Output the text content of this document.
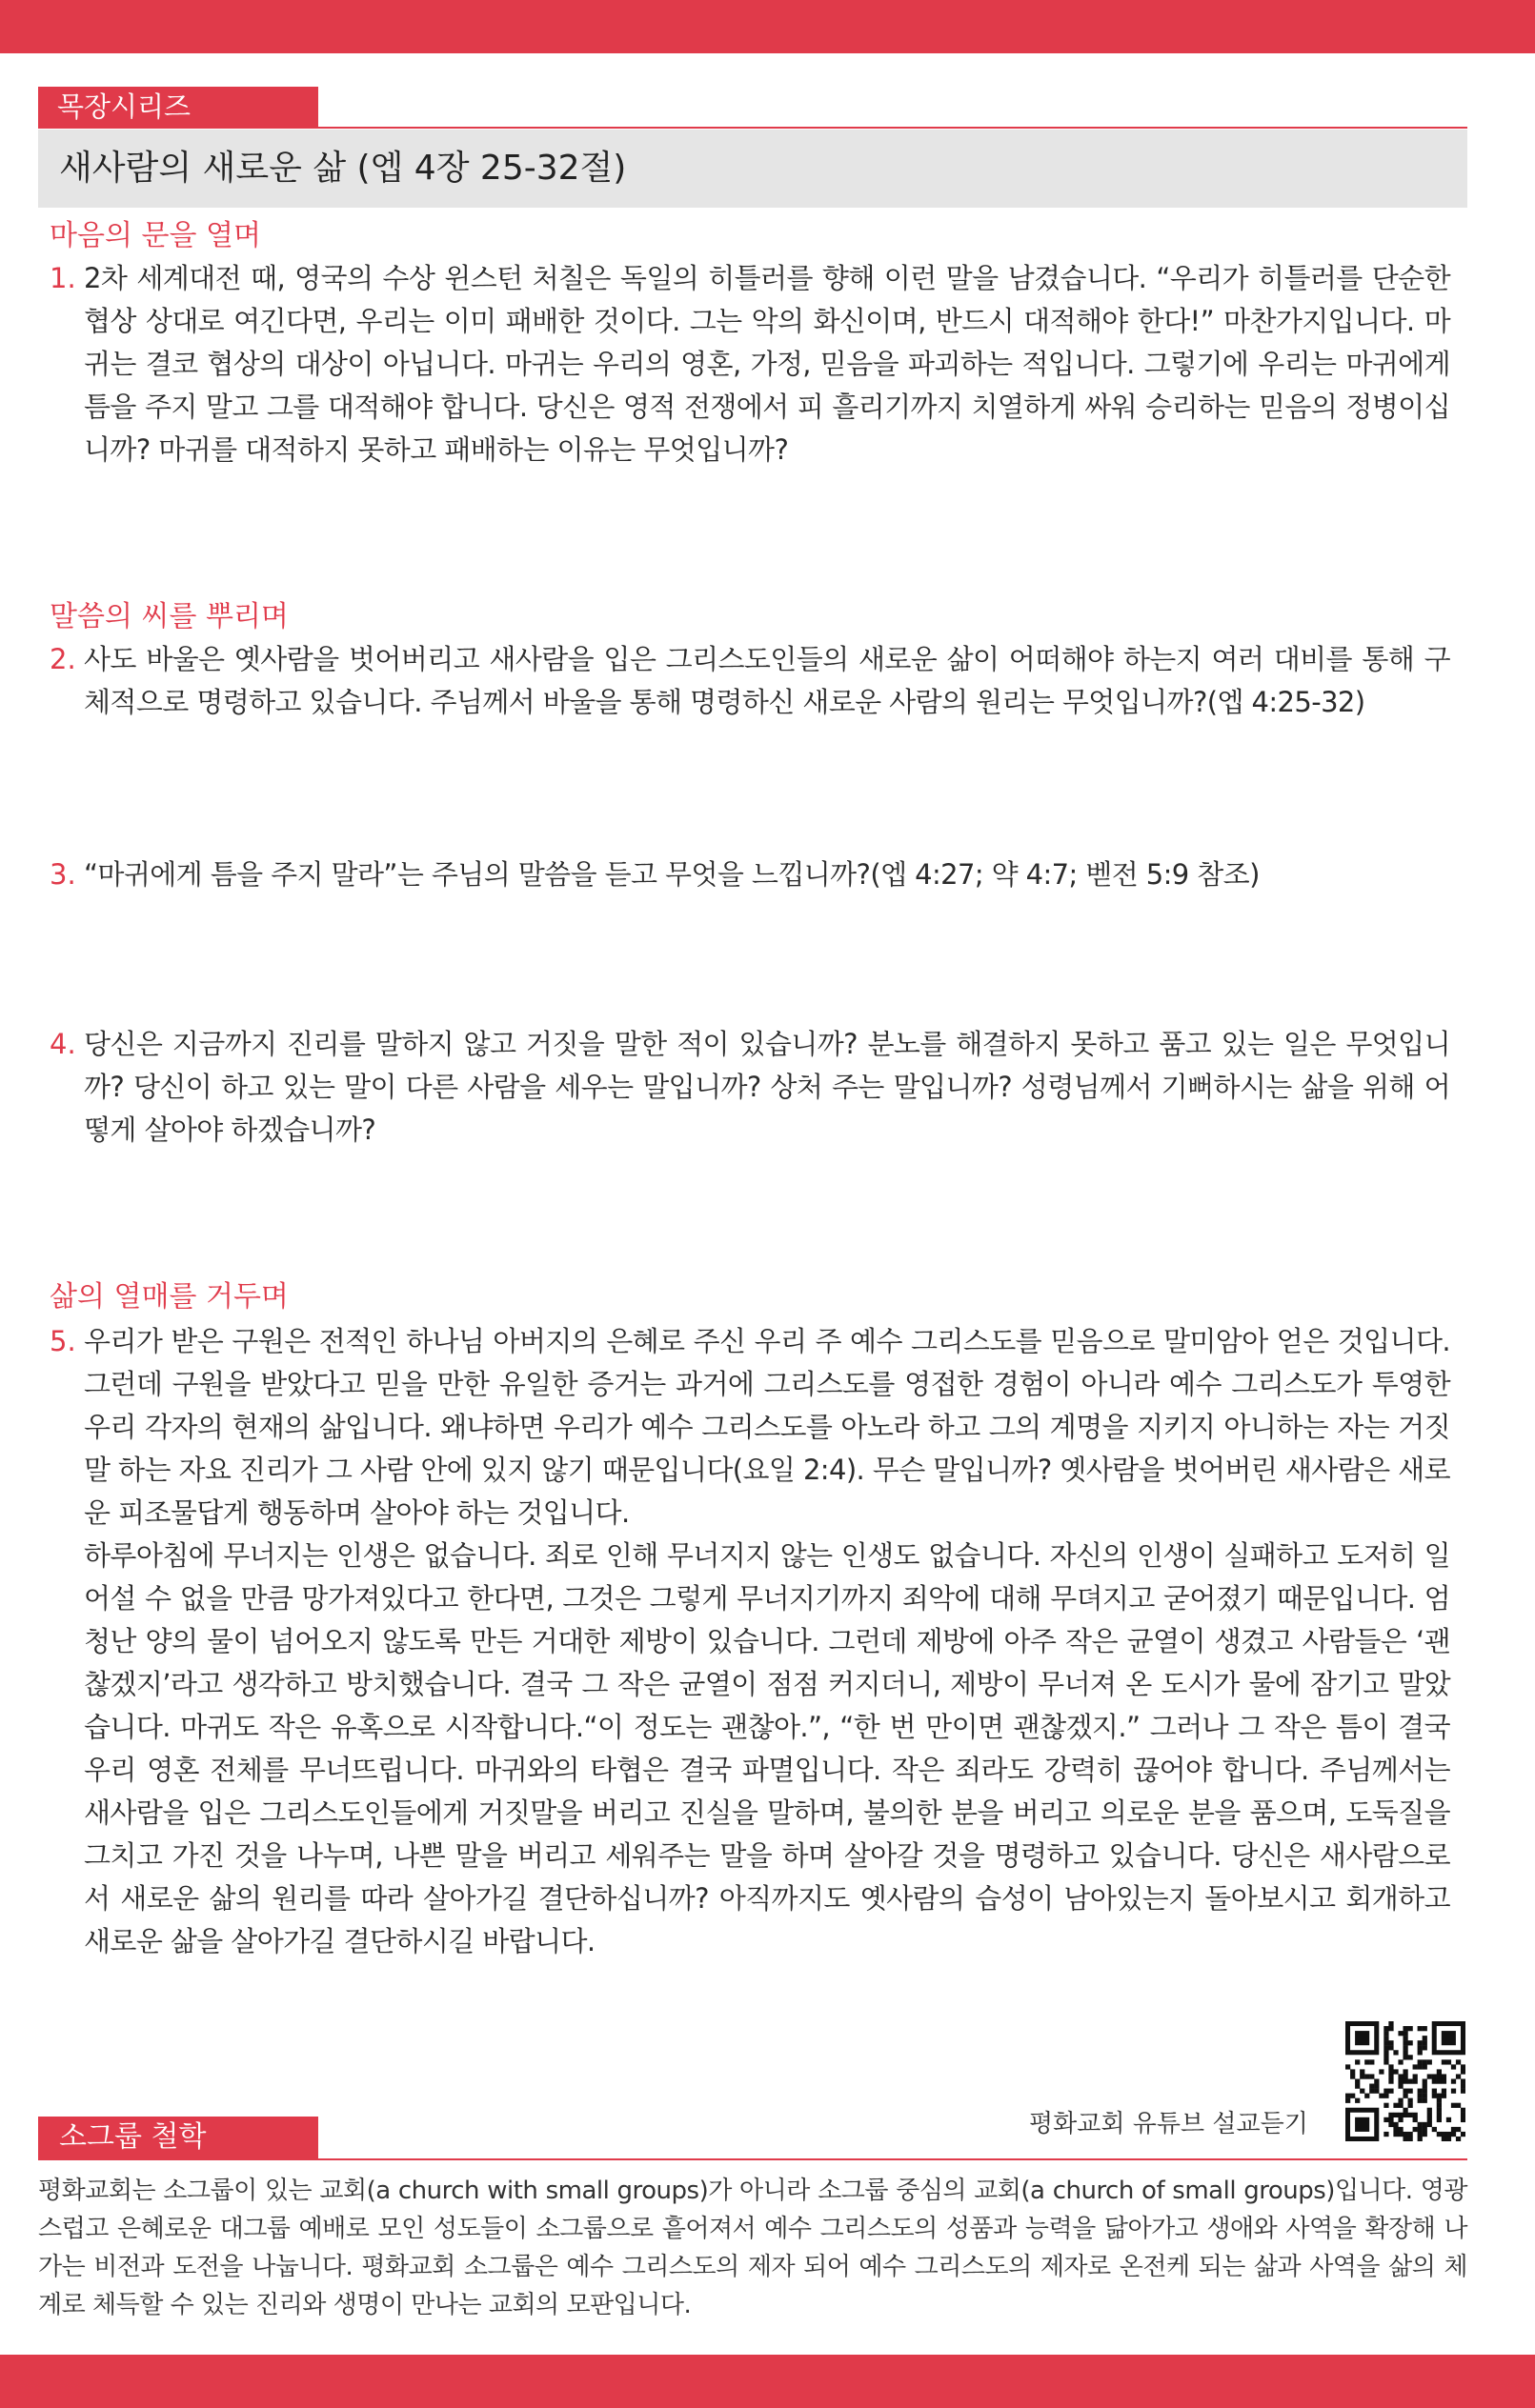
목장시리즈
새사람의 새로운 삶 (엡 4장 25-32절)
마음의 문을 열며
1. 2차 세계대전 때, 영국의 수상 윈스턴 처칠은 독일의 히틀러를 향해 이런 말을 남겼습니다. “우리가 히틀러를 단순한 협상 상대로 여긴다면, 우리는 이미 패배한 것이다. 그는 악의 화신이며, 반드시 대적해야 한다!” 마찬가지입니다. 마귀는 결코 협상의 대상이 아닙니다. 마귀는 우리의 영혼, 가정, 믿음을 파괴하는 적입니다. 그렇기에 우리는 마귀에게 틈을 주지 말고 그를 대적해야 합니다. 당신은 영적 전쟁에서 피 흘리기까지 치열하게 싸워 승리하는 믿음의 정병이십니까? 마귀를 대적하지 못하고 패배하는 이유는 무엇입니까?

말씀의 씨를 뿌리며
2. 사도 바울은 옛사람을 벗어버리고 새사람을 입은 그리스도인들의 새로운 삶이 어떠해야 하는지 여러 대비를 통해 구체적으로 명령하고 있습니다. 주님께서 바울을 통해 명령하신 새로운 사람의 원리는 무엇입니까?(엡 4:25-32)

3. “마귀에게 틈을 주지 말라”는 주님의 말씀을 듣고 무엇을 느낍니까?(엡 4:27; 약 4:7; 벧전 5:9 참조)

4. 당신은 지금까지 진리를 말하지 않고 거짓을 말한 적이 있습니까? 분노를 해결하지 못하고 품고 있는 일은 무엇입니까? 당신이 하고 있는 말이 다른 사람을 세우는 말입니까? 상처 주는 말입니까? 성령님께서 기뻐하시는 삶을 위해 어떻게 살아야 하겠습니까?

삶의 열매를 거두며
5. 우리가 받은 구원은 전적인 하나님 아버지의 은혜로 주신 우리 주 예수 그리스도를 믿음으로 말미암아 얻은 것입니다. 그런데 구원을 받았다고 믿을 만한 유일한 증거는 과거에 그리스도를 영접한 경험이 아니라 예수 그리스도가 투영한 우리 각자의 현재의 삶입니다. 왜냐하면 우리가 예수 그리스도를 아노라 하고 그의 계명을 지키지 아니하는 자는 거짓말 하는 자요 진리가 그 사람 안에 있지 않기 때문입니다(요일 2:4). 무슨 말입니까? 옛사람을 벗어버린 새사람은 새로운 피조물답게 행동하며 살아야 하는 것입니다.

하루아침에 무너지는 인생은 없습니다. 죄로 인해 무너지지 않는 인생도 없습니다. 자신의 인생이 실패하고 도저히 일어설 수 없을 만큼 망가져있다고 한다면, 그것은 그렇게 무너지기까지 죄악에 대해 무뎌지고 굳어졌기 때문입니다. 엄청난 양의 물이 넘어오지 않도록 만든 거대한 제방이 있습니다. 그런데 제방에 아주 작은 균열이 생겼고 사람들은 ‘괜찮겠지’라고 생각하고 방치했습니다. 결국 그 작은 균열이 점점 커지더니, 제방이 무너져 온 도시가 물에 잠기고 말았습니다. 마귀도 작은 유혹으로 시작합니다.“이 정도는 괜찮아.”, “한 번 만이면 괜찮겠지.” 그러나 그 작은 틈이 결국 우리 영혼 전체를 무너뜨립니다. 마귀와의 타협은 결국 파멸입니다. 작은 죄라도 강력히 끊어야 합니다. 주님께서는 새사람을 입은 그리스도인들에게 거짓말을 버리고 진실을 말하며, 불의한 분을 버리고 의로운 분을 품으며, 도둑질을 그치고 가진 것을 나누며, 나쁜 말을 버리고 세워주는 말을 하며 살아갈 것을 명령하고 있습니다. 당신은 새사람으로서 새로운 삶의 원리를 따라 살아가길 결단하십니까? 아직까지도 옛사람의 습성이 남아있는지 돌아보시고 회개하고 새로운 삶을 살아가길 결단하시길 바랍니다.

평화교회 유튜브 설교듣기
소그룹 철학
평화교회는 소그룹이 있는 교회(a church with small groups)가 아니라 소그룹 중심의 교회(a church of small groups)입니다. 영광스럽고 은혜로운 대그룹 예배로 모인 성도들이 소그룹으로 흩어져서 예수 그리스도의 성품과 능력을 닮아가고 생애와 사역을 확장해 나가는 비전과 도전을 나눕니다. 평화교회 소그룹은 예수 그리스도의 제자 되어 예수 그리스도의 제자로 온전케 되는 삶과 사역을 삶의 체계로 체득할 수 있는 진리와 생명이 만나는 교회의 모판입니다.
